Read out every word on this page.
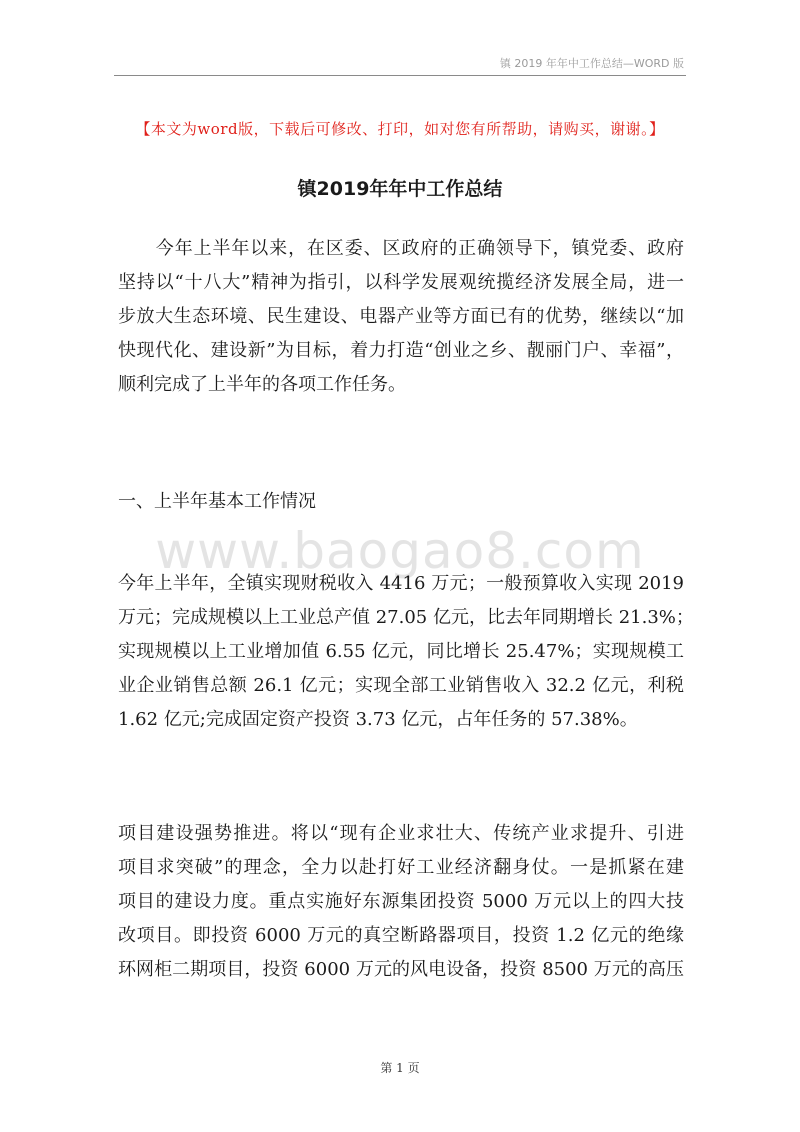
镇 2019 年年中工作总结—WORD 版
【本文为word版，下载后可修改、打印，如对您有所帮助，请购买，谢谢。】
镇2019年年中工作总结
　　今年上半年以来，在区委、区政府的正确领导下，镇党委、政府
坚持以“十八大”精神为指引，以科学发展观统揽经济发展全局，进一
步放大生态环境、民生建设、电器产业等方面已有的优势，继续以“加
快现代化、建设新”为目标，着力打造“创业之乡、靓丽门户、幸福”，
顺利完成了上半年的各项工作任务。
一、上半年基本工作情况
www.baogao8.com
今年上半年，全镇实现财税收入 4416 万元；一般预算收入实现 2019
万元；完成规模以上工业总产值 27.05 亿元，比去年同期增长 21.3%；
实现规模以上工业增加值 6.55 亿元，同比增长 25.47%；实现规模工
业企业销售总额 26.1 亿元；实现全部工业销售收入 32.2 亿元，利税
1.62 亿元;完成固定资产投资 3.73 亿元，占年任务的 57.38%。
项目建设强势推进。将以“现有企业求壮大、传统产业求提升、引进
项目求突破”的理念，全力以赴打好工业经济翻身仗。一是抓紧在建
项目的建设力度。重点实施好东源集团投资 5000 万元以上的四大技
改项目。即投资 6000 万元的真空断路器项目，投资 1.2 亿元的绝缘
环网柜二期项目，投资 6000 万元的风电设备，投资 8500 万元的高压
第 1 页
